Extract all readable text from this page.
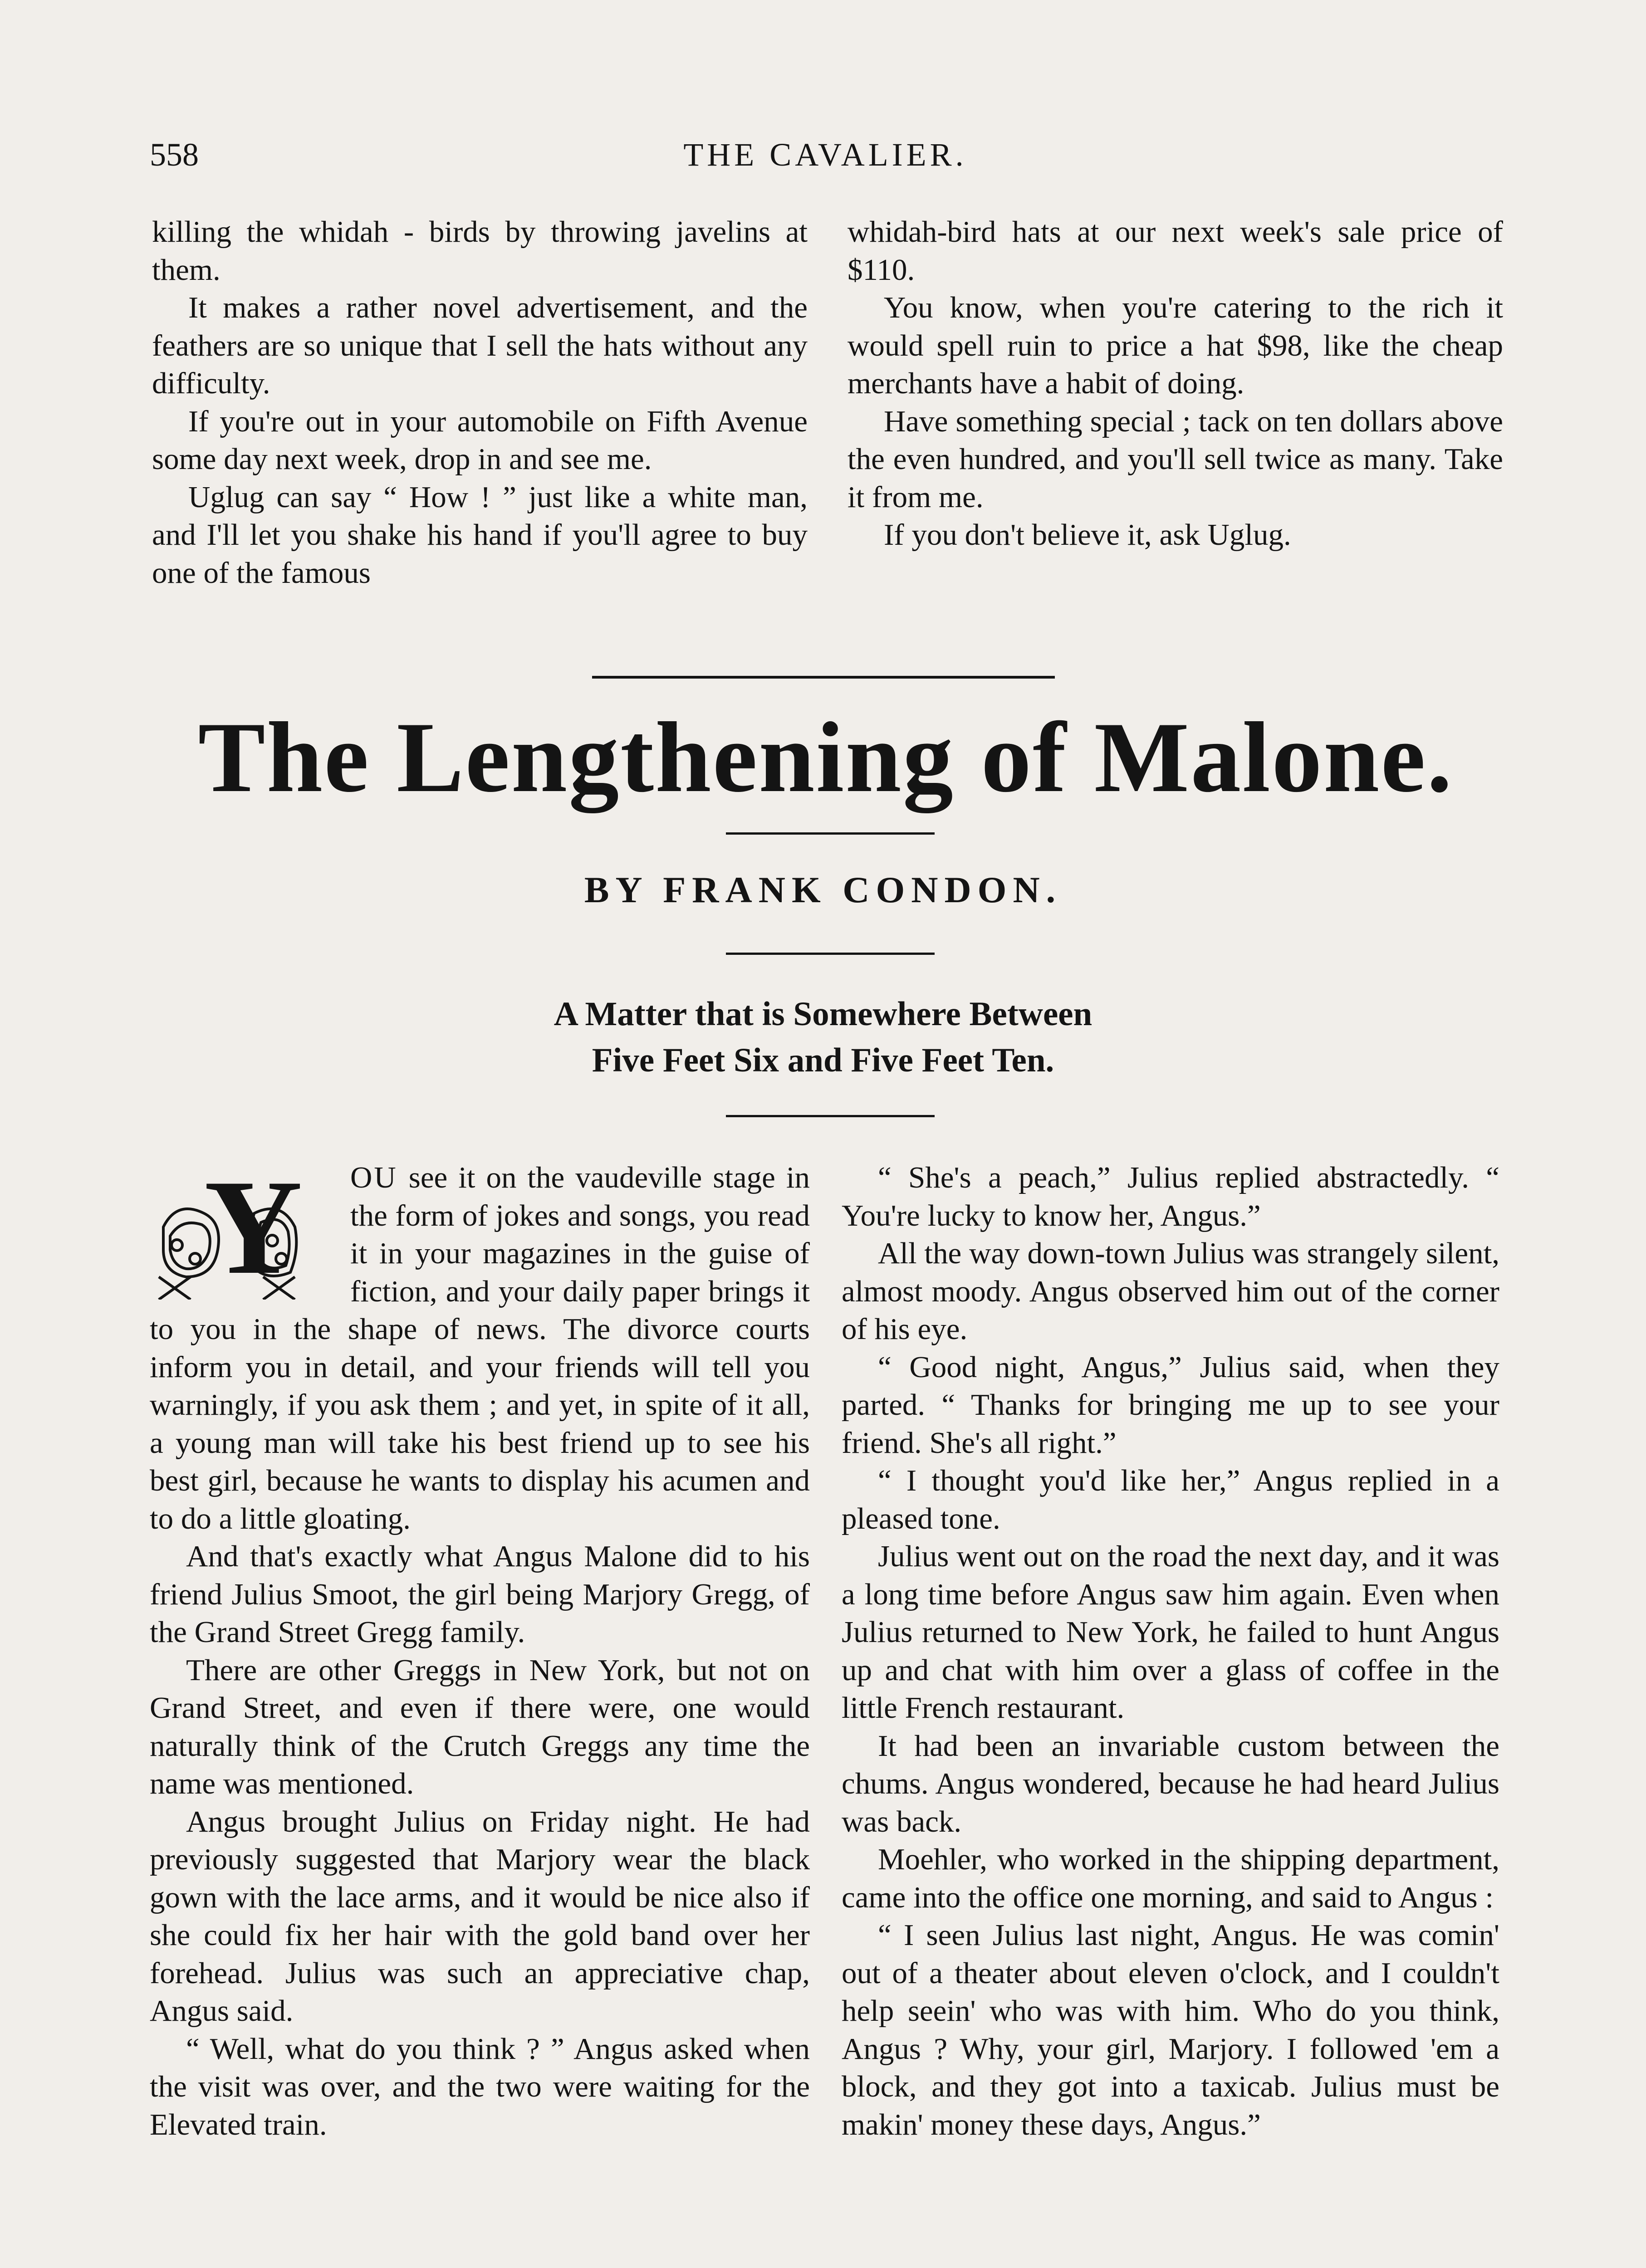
558	THE CAVALIER.

killing the whidah - birds by throwing javelins at them.

It makes a rather novel advertisement, and the feathers are so unique that I sell the hats without any difficulty.

If you're out in your automobile on Fifth Avenue some day next week, drop in and see me.

Uglug can say “ How ! ” just like a white man, and I'll let you shake his hand if you'll agree to buy one of the famous

whidah-bird hats at our next week's sale price of $110.

You know, when you're catering to the rich it would spell ruin to price a hat $98, like the cheap merchants have a habit of doing.

Have something special ; tack on ten dollars above the even hundred, and you'll sell twice as many. Take it from me.

If you don't believe it, ask Uglug.

The Lengthening of Malone.
BY FRANK CONDON.
A Matter that is Somewhere Between
Five Feet Six and Five Feet Ten.
Y	OU see it on the vaudeville stage in the form of jokes and songs, you read it in your magazines in the guise of fiction, and your daily paper brings it to you in the shape of news. The divorce courts inform you in detail, and your friends will tell you warningly, if you ask them ; and yet, in spite of it all, a young man will take his best friend up to see his best girl, because he wants to display his acumen and to do a little gloating.

And that's exactly what Angus Malone did to his friend Julius Smoot, the girl being Marjory Gregg, of the Grand Street Gregg family.

There are other Greggs in New York, but not on Grand Street, and even if there were, one would naturally think of the Crutch Greggs any time the name was mentioned.

Angus brought Julius on Friday night. He had previously suggested that Marjory wear the black gown with the lace arms, and it would be nice also if she could fix her hair with the gold band over her forehead. Julius was such an appreciative chap, Angus said.

“ Well, what do you think ? ” Angus asked when the visit was over, and the two were waiting for the Elevated train.

“ She's a peach,” Julius replied abstractedly. “ You're lucky to know her, Angus.”

All the way down-town Julius was strangely silent, almost moody. Angus observed him out of the corner of his eye.

“ Good night, Angus,” Julius said, when they parted. “ Thanks for bringing me up to see your friend. She's all right.”

“ I thought you'd like her,” Angus replied in a pleased tone.

Julius went out on the road the next day, and it was a long time before Angus saw him again. Even when Julius returned to New York, he failed to hunt Angus up and chat with him over a glass of coffee in the little French restaurant.

It had been an invariable custom between the chums. Angus wondered, because he had heard Julius was back.

Moehler, who worked in the shipping department, came into the office one morning, and said to Angus :

“ I seen Julius last night, Angus. He was comin' out of a theater about eleven o'clock, and I couldn't help seein' who was with him. Who do you think, Angus ? Why, your girl, Marjory. I followed 'em a block, and they got into a taxicab. Julius must be makin' money these days, Angus.”
